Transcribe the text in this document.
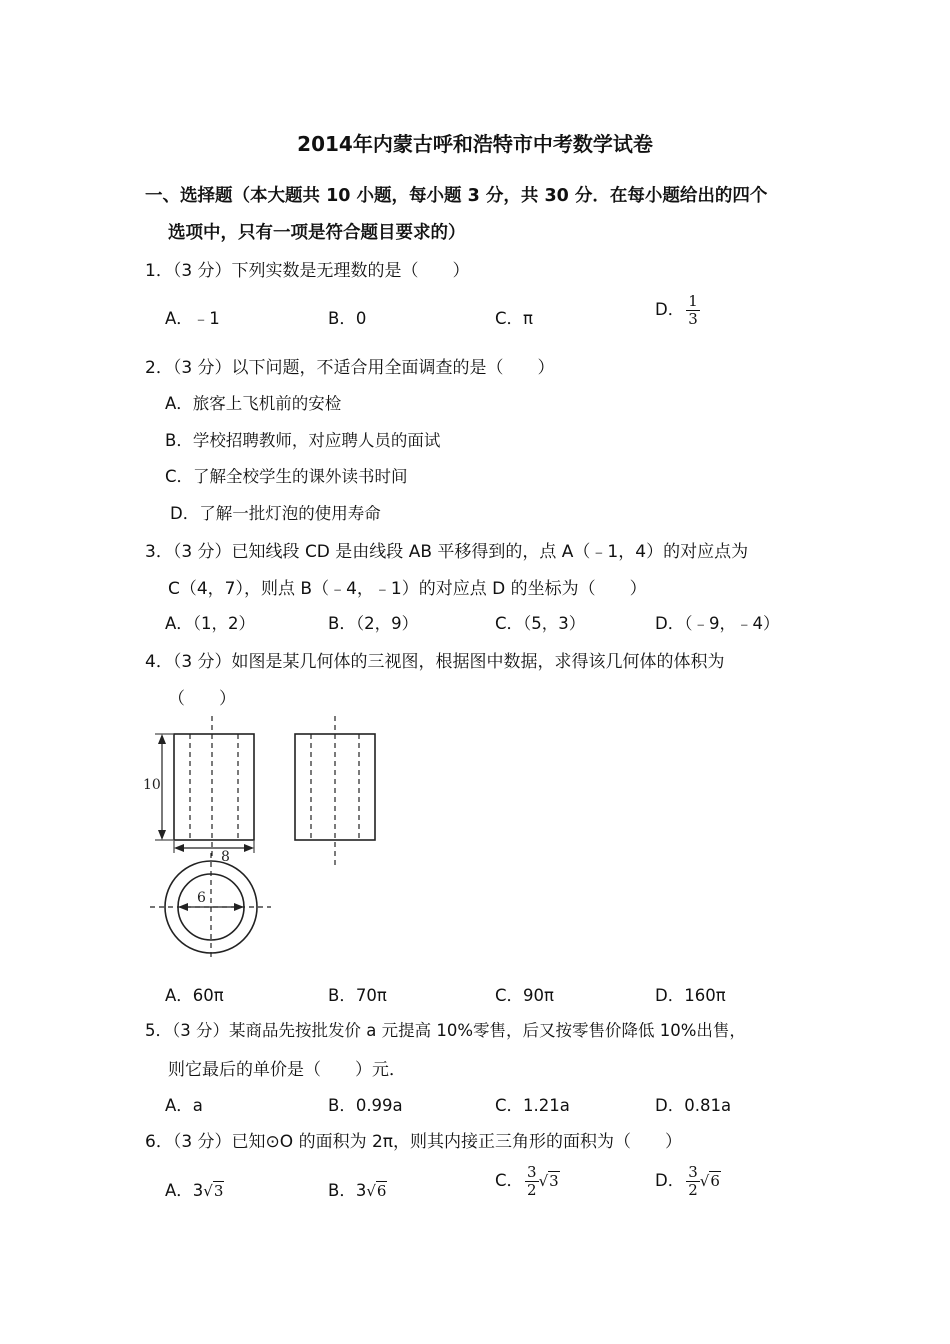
2014年内蒙古呼和浩特市中考数学试卷
一、选择题（本大题共 10 小题，每小题 3 分，共 30 分．在每小题给出的四个
选项中，只有一项是符合题目要求的）
1．（3 分）下列实数是无理数的是（　　）
A．﹣1	B．0	C．π	D． $\frac{1}{3}$
2．（3 分）以下问题，不适合用全面调查的是（　　）
A．旅客上飞机前的安检
B．学校招聘教师，对应聘人员的面试
C．了解全校学生的课外读书时间
D．了解一批灯泡的使用寿命
3．（3 分）已知线段 CD 是由线段 AB 平移得到的，点 A（﹣1，4）的对应点为
C（4，7），则点 B（﹣4，﹣1）的对应点 D 的坐标为（　　）
A．（1，2）	B．（2，9）	C．（5，3）	D．（﹣9，﹣4）
4．（3 分）如图是某几何体的三视图，根据图中数据，求得该几何体的体积为
（　　）
10
8
6
A．60π	B．70π	C．90π	D．160π
5．（3 分）某商品先按批发价 a 元提高 10%零售，后又按零售价降低 10%出售，
则它最后的单价是（　　）元．
A．a	B．0.99a	C．1.21a	D．0.81a
6．（3 分）已知⊙O 的面积为 2π，则其内接正三角形的面积为（　　）
A．3√3	B．3√6
C． $\frac{3}{2} √3$	D． $\frac{3}{2} √6$
